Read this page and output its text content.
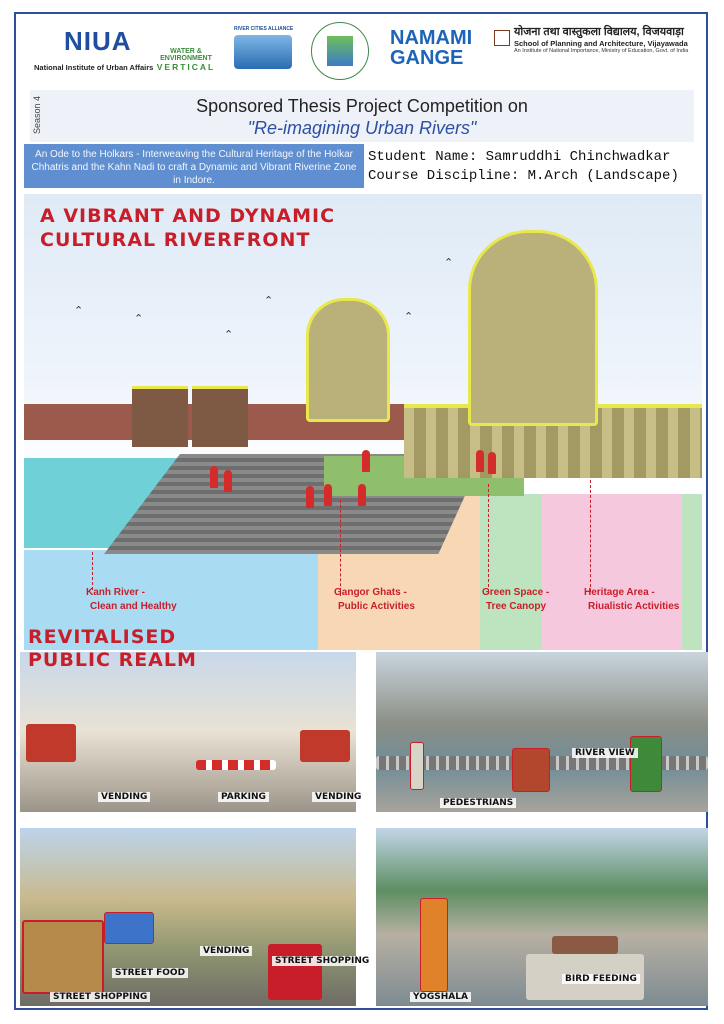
NIUA
National Institute of Urban Affairs
WATER & ENVIRONMENT
VERTICAL
RIVER CITIES ALLIANCE	NAMAMI GANGE
योजना तथा वास्तुकला विद्यालय, विजयवाड़ा
School of Planning and Architecture, Vijayawada
An Institute of National Importance, Ministry of Education, Govt. of India
Season 4	Sponsored Thesis Project Competition on
"Re-imagining Urban Rivers"
An Ode to the Holkars - Interweaving the Cultural Heritage of the Holkar Chhatris and the Kahn Nadi to craft a Dynamic and Vibrant Riverine Zone in Indore.
Student Name: Samruddhi Chinchwadkar
Course Discipline: M.Arch (Landscape)
A VIBRANT AND DYNAMIC
CULTURAL RIVERFRONT
⌃
⌃
⌃
⌃
⌃
⌃
Kanh River -
Clean and Healthy
Gangor Ghats -
Public Activities
Green Space -
Tree Canopy
Heritage Area -
Riualistic Activities
VENDING	PARKING	VENDING
PEDESTRIANS
RIVER VIEW
REVITALISED
PUBLIC REALM
STREET FOOD
VENDING
STREET SHOPPING
STREET SHOPPING	YOGSHALA
BIRD FEEDING
